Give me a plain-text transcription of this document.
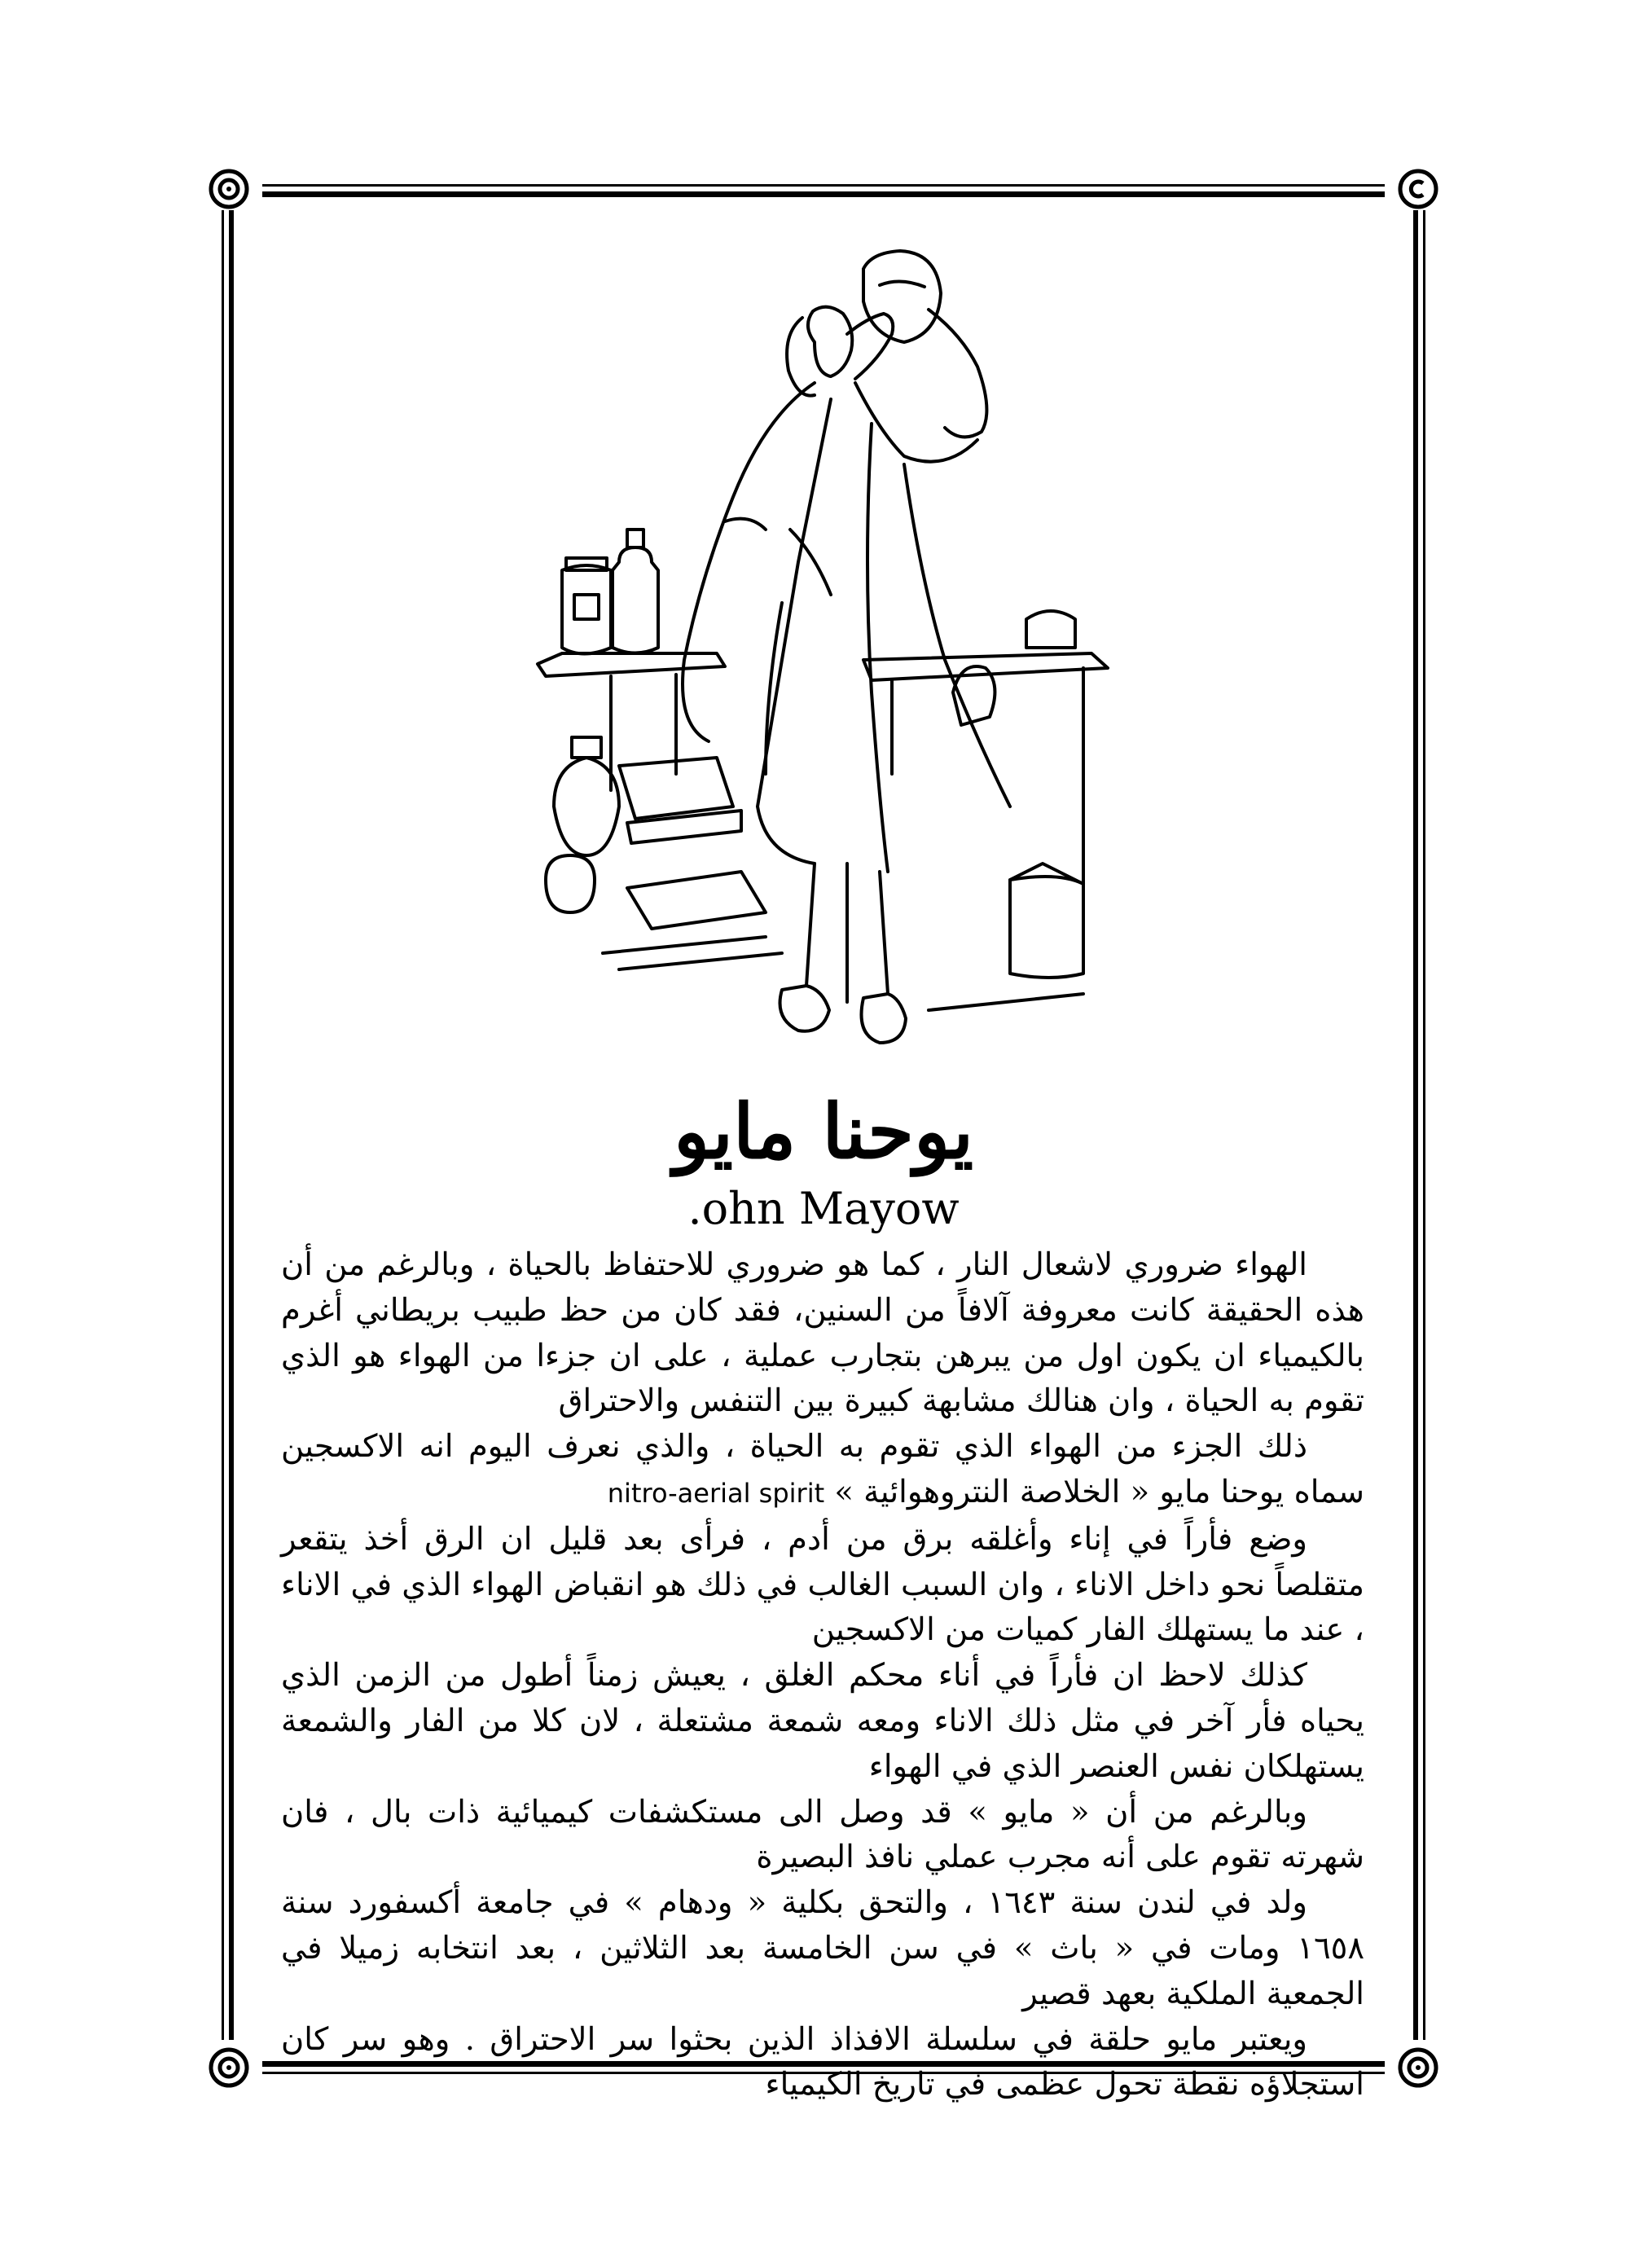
يوحنا مايو
.ohn Mayow

الهواء ضروري لاشعال النار ، كما هو ضروري للاحتفاظ بالحياة ، وبالرغم من أن هذه الحقيقة كانت معروفة آلافاً من السنين، فقد كان من حظ طبيب بريطاني أغرم بالكيمياء ان يكون اول من يبرهن بتجارب عملية ، على ان جزءا من الهواء هو الذي تقوم به الحياة ، وان هنالك مشابهة كبيرة بين التنفس والاحتراق

ذلك الجزء من الهواء الذي تقوم به الحياة ، والذي نعرف اليوم انه الاكسجين سماه يوحنا مايو « الخلاصة النتروهوائية » nitro-aerial spirit

وضع فأراً في إناء وأغلقه برق من أدم ، فرأى بعد قليل ان الرق أخذ يتقعر متقلصاً نحو داخل الاناء ، وان السبب الغالب في ذلك هو انقباض الهواء الذي في الاناء ، عند ما يستهلك الفار كميات من الاكسجين

كذلك لاحظ ان فأراً في أناء محكم الغلق ، يعيش زمناً أطول من الزمن الذي يحياه فأر آخر في مثل ذلك الاناء ومعه شمعة مشتعلة ، لان كلا من الفار والشمعة يستهلكان نفس العنصر الذي في الهواء

وبالرغم من أن « مايو » قد وصل الى مستكشفات كيميائية ذات بال ، فان شهرته تقوم على أنه مجرب عملي نافذ البصيرة

ولد في لندن سنة ١٦٤٣ ، والتحق بكلية « ودهام » في جامعة أكسفورد سنة ١٦٥٨ ومات في « باث » في سن الخامسة بعد الثلاثين ، بعد انتخابه زميلا في الجمعية الملكية بعهد قصير

ويعتبر مايو حلقة في سلسلة الافذاذ الذين بحثوا سر الاحتراق . وهو سر كان استجلاؤه نقطة تحول عظمى في تاريخ الكيمياء
